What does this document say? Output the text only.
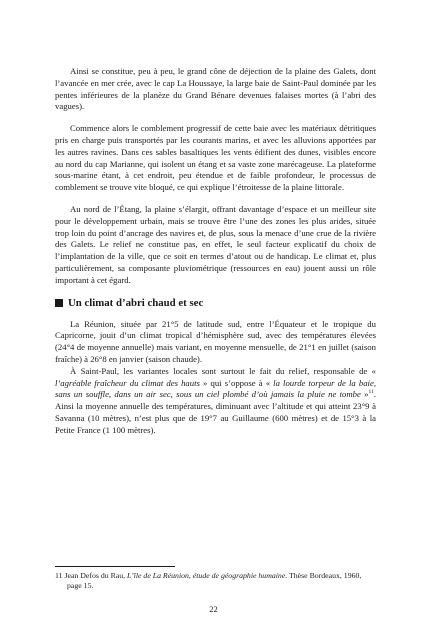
Ainsi se constitue, peu à peu, le grand cône de déjection de la plaine des Galets, dont l’avancée en mer crée, avec le cap La Houssaye, la large baie de Saint-Paul dominée par les pentes inférieures de la planèze du Grand Bénare devenues falaises mortes (à l’abri des vagues).

Commence alors le comblement progressif de cette baie avec les matériaux détritiques pris en charge puis transportés par les courants marins, et avec les alluvions apportées par les autres ravines. Dans ces sables basaltiques les vents édifient des dunes, visibles encore au nord du cap Marianne, qui isolent un étang et sa vaste zone marécageuse. La plateforme sous-marine étant, à cet endroit, peu étendue et de faible profondeur, le processus de comblement se trouve vite bloqué, ce qui explique l’étroitesse de la plaine littorale.

Au nord de l’Étang, la plaine s’élargit, offrant davantage d’espace et un meilleur site pour le développement urbain, mais se trouve être l’une des zones les plus arides, située trop loin du point d’ancrage des navires et, de plus, sous la menace d’une crue de la rivière des Galets. Le relief ne constitue pas, en effet, le seul facteur explicatif du choix de l’implantation de la ville, que ce soit en termes d’atout ou de handicap. Le climat et, plus particulièrement, sa composante pluviométrique (ressources en eau) jouent aussi un rôle important à cet égard.

Un climat d’abri chaud et sec

La Réunion, située par 21°5 de latitude sud, entre l’Équateur et le tropique du Capricorne, jouit d’un climat tropical d’hémisphère sud, avec des températures élevées (24°4 de moyenne annuelle) mais variant, en moyenne mensuelle, de 21°1 en juillet (saison fraîche) à 26°8 en janvier (saison chaude).

À Saint-Paul, les variantes locales sont surtout le fait du relief, responsable de « l’agréable fraîcheur du climat des hauts » qui s’oppose à « la lourde torpeur de la baie, sans un souffle, dans un air sec, sous un ciel plombé d’où jamais la pluie ne tombe »$^{11}$. Ainsi la moyenne annuelle des températures, diminuant avec l’altitude et qui atteint 23°9 à Savanna (10 mètres), n’est plus que de 19°7 au Guillaume (600 mètres) et de 15°3 à la Petite France (1 100 mètres).

11 Jean Defos du Rau, L’île de La Réunion, étude de géographie humaine. Thèse Bordeaux, 1960, page 15.
22
